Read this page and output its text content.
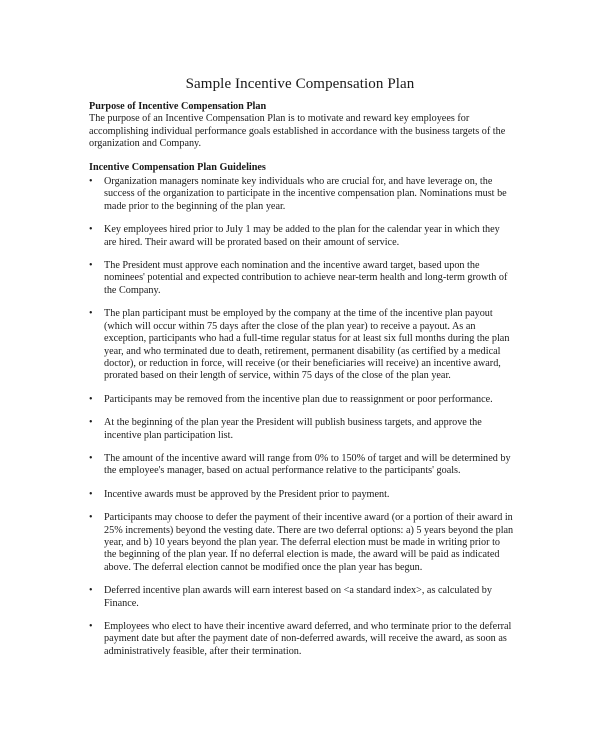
Sample Incentive Compensation Plan

Purpose of Incentive Compensation Plan

The purpose of an Incentive Compensation Plan is to motivate and reward key employees for accomplishing individual performance goals established in accordance with the business targets of the organization and Company.

Incentive Compensation Plan Guidelines

• Organization managers nominate key individuals who are crucial for, and have leverage on, the success of the organization to participate in the incentive compensation plan. Nominations must be made prior to the beginning of the plan year.
• Key employees hired prior to July 1 may be added to the plan for the calendar year in which they are hired. Their award will be prorated based on their amount of service.
• The President must approve each nomination and the incentive award target, based upon the nominees' potential and expected contribution to achieve near-term health and long-term growth of the Company.
• The plan participant must be employed by the company at the time of the incentive plan payout (which will occur within 75 days after the close of the plan year) to receive a payout. As an exception, participants who had a full-time regular status for at least six full months during the plan year, and who terminated due to death, retirement, permanent disability (as certified by a medical doctor), or reduction in force, will receive (or their beneficiaries will receive) an incentive award, prorated based on their length of service, within 75 days of the close of the plan year.
• Participants may be removed from the incentive plan due to reassignment or poor performance.
• At the beginning of the plan year the President will publish business targets, and approve the incentive plan participation list.
• The amount of the incentive award will range from 0% to 150% of target and will be determined by the employee's manager, based on actual performance relative to the participants' goals.
• Incentive awards must be approved by the President prior to payment.
• Participants may choose to defer the payment of their incentive award (or a portion of their award in 25% increments) beyond the vesting date. There are two deferral options: a) 5 years beyond the plan year, and b) 10 years beyond the plan year. The deferral election must be made in writing prior to the beginning of the plan year. If no deferral election is made, the award will be paid as indicated above. The deferral election cannot be modified once the plan year has begun.
• Deferred incentive plan awards will earn interest based on <a standard index>, as calculated by Finance.
• Employees who elect to have their incentive award deferred, and who terminate prior to the deferral payment date but after the payment date of non-deferred awards, will receive the award, as soon as administratively feasible, after their termination.
